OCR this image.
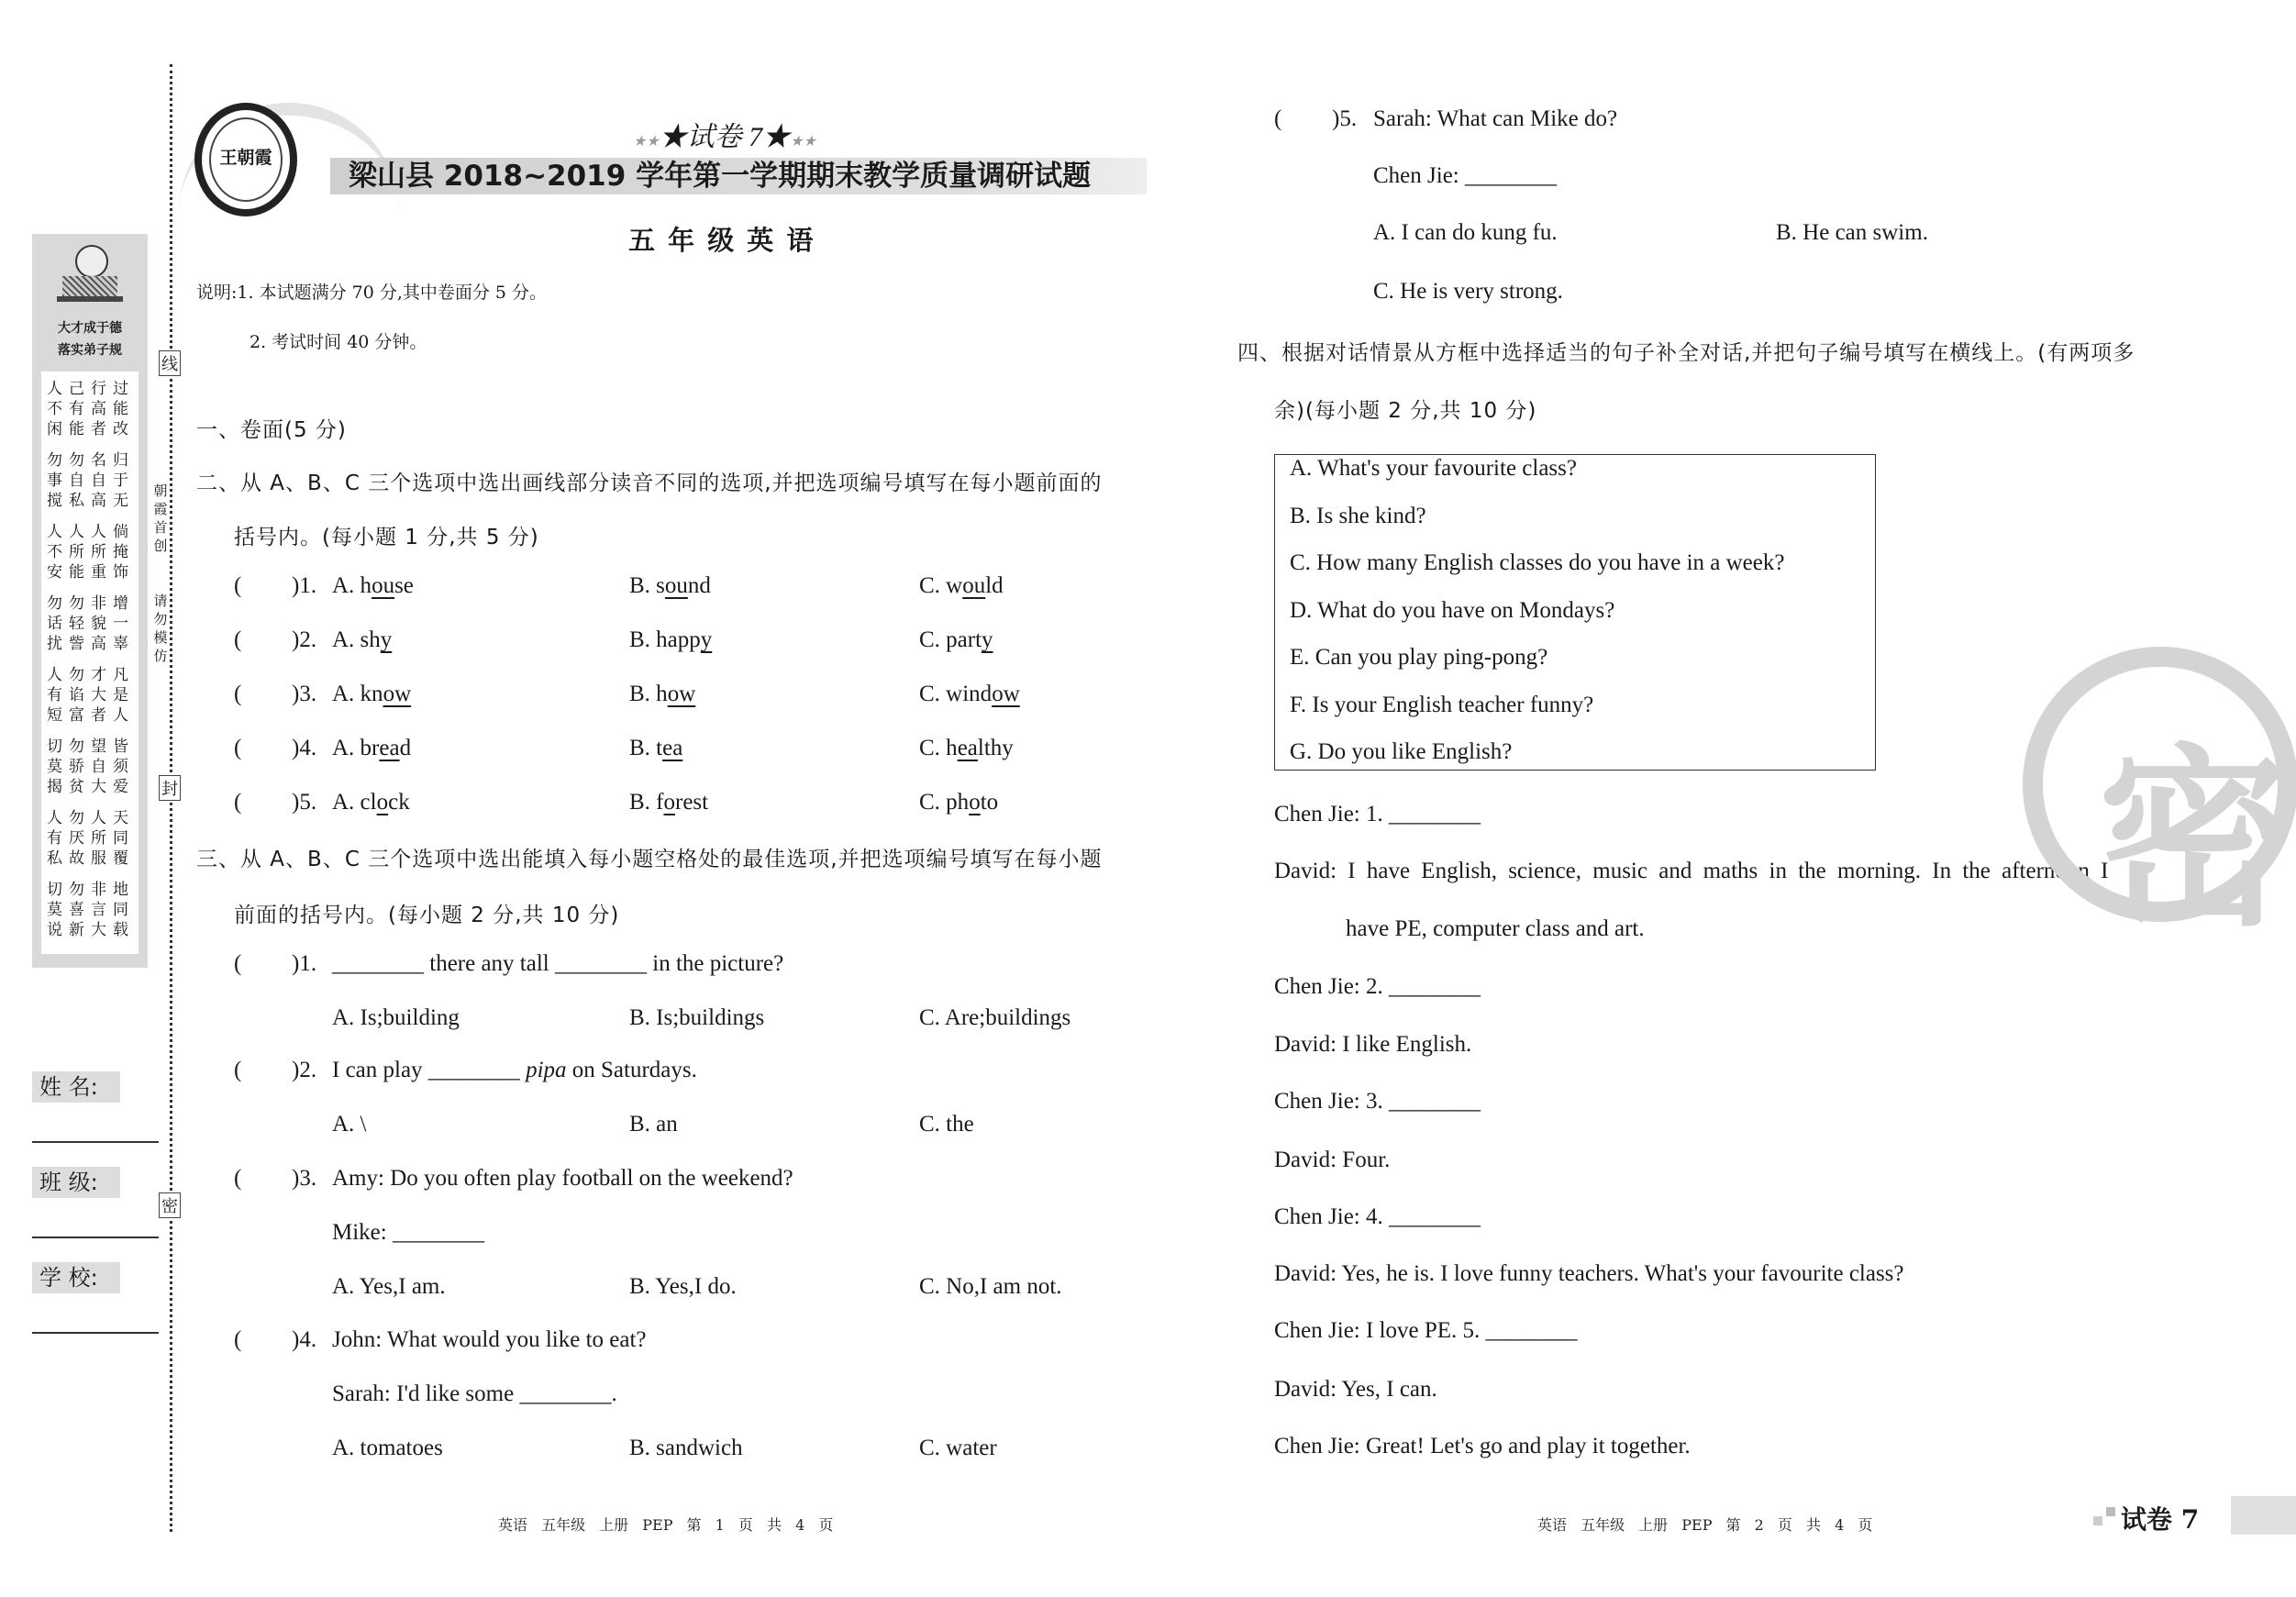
线
封
密
朝霞首创
请勿模仿
大才成于德
落实弟子规
人己行过
不有高能
闲能者改
勿勿名归
事自自于
搅私高无
人人人倘
不所所掩
安能重饰
勿勿非增
话轻貌一
扰訾高辜
人勿才凡
有谄大是
短富者人
切勿望皆
莫骄自须
揭贫大爱
人勿人天
有厌所同
私故服覆
切勿非地
莫喜言同
说新大载
姓 名:
班 级:
学 校:
王朝霞
★★★试卷 7★★★
梁山县 2018~2019 学年第一学期期末教学质量调研试题
五 年 级 英 语
说明:1. 本试题满分 70 分,其中卷面分 5 分。
2. 考试时间 40 分钟。
一、卷面(5 分)
二、从 A、B、C 三个选项中选出画线部分读音不同的选项,并把选项编号填写在每小题前面的
括号内。(每小题 1 分,共 5 分)
( )1. A. house	B. sound	C. would
( )2. A. shy	B. happy	C. party
( )3. A. know	B. how	C. window
( )4. A. bread	B. tea	C. healthy
( )5. A. clock	B. forest	C. photo
三、从 A、B、C 三个选项中选出能填入每小题空格处的最佳选项,并把选项编号填写在每小题
前面的括号内。(每小题 2 分,共 10 分)
( )1. ________ there any tall ________ in the picture?
A. Is;building	B. Is;buildings	C. Are;buildings
( )2. I can play ________ pipa on Saturdays.
A. \	B. an	C. the
( )3. Amy: Do you often play football on the weekend?
Mike: ________
A. Yes,I am.	B. Yes,I do.	C. No,I am not.
( )4. John: What would you like to eat?
Sarah: I'd like some ________.
A. tomatoes	B. sandwich	C. water
( )5. Sarah: What can Mike do?
Chen Jie: ________
A. I can do kung fu.	B. He can swim.
C. He is very strong.
四、根据对话情景从方框中选择适当的句子补全对话,并把句子编号填写在横线上。(有两项多
余)(每小题 2 分,共 10 分)
A. What's your favourite class?
B. Is she kind?
C. How many English classes do you have in a week?
D. What do you have on Mondays?
E. Can you play ping-pong?
F. Is your English teacher funny?
G. Do you like English?
Chen Jie: 1. ________
David: I have English, science, music and maths in the morning. In the afternoon I
have PE, computer class and art.
Chen Jie: 2. ________
David: I like English.
Chen Jie: 3. ________
David: Four.
Chen Jie: 4. ________
David: Yes, he is. I love funny teachers. What's your favourite class?
Chen Jie: I love PE. 5. ________
David: Yes, I can.
Chen Jie: Great! Let's go and play it together.
密
英语 五年级 上册 PEP 第 1 页 共 4 页	英语 五年级 上册 PEP 第 2 页 共 4 页	试卷 7
